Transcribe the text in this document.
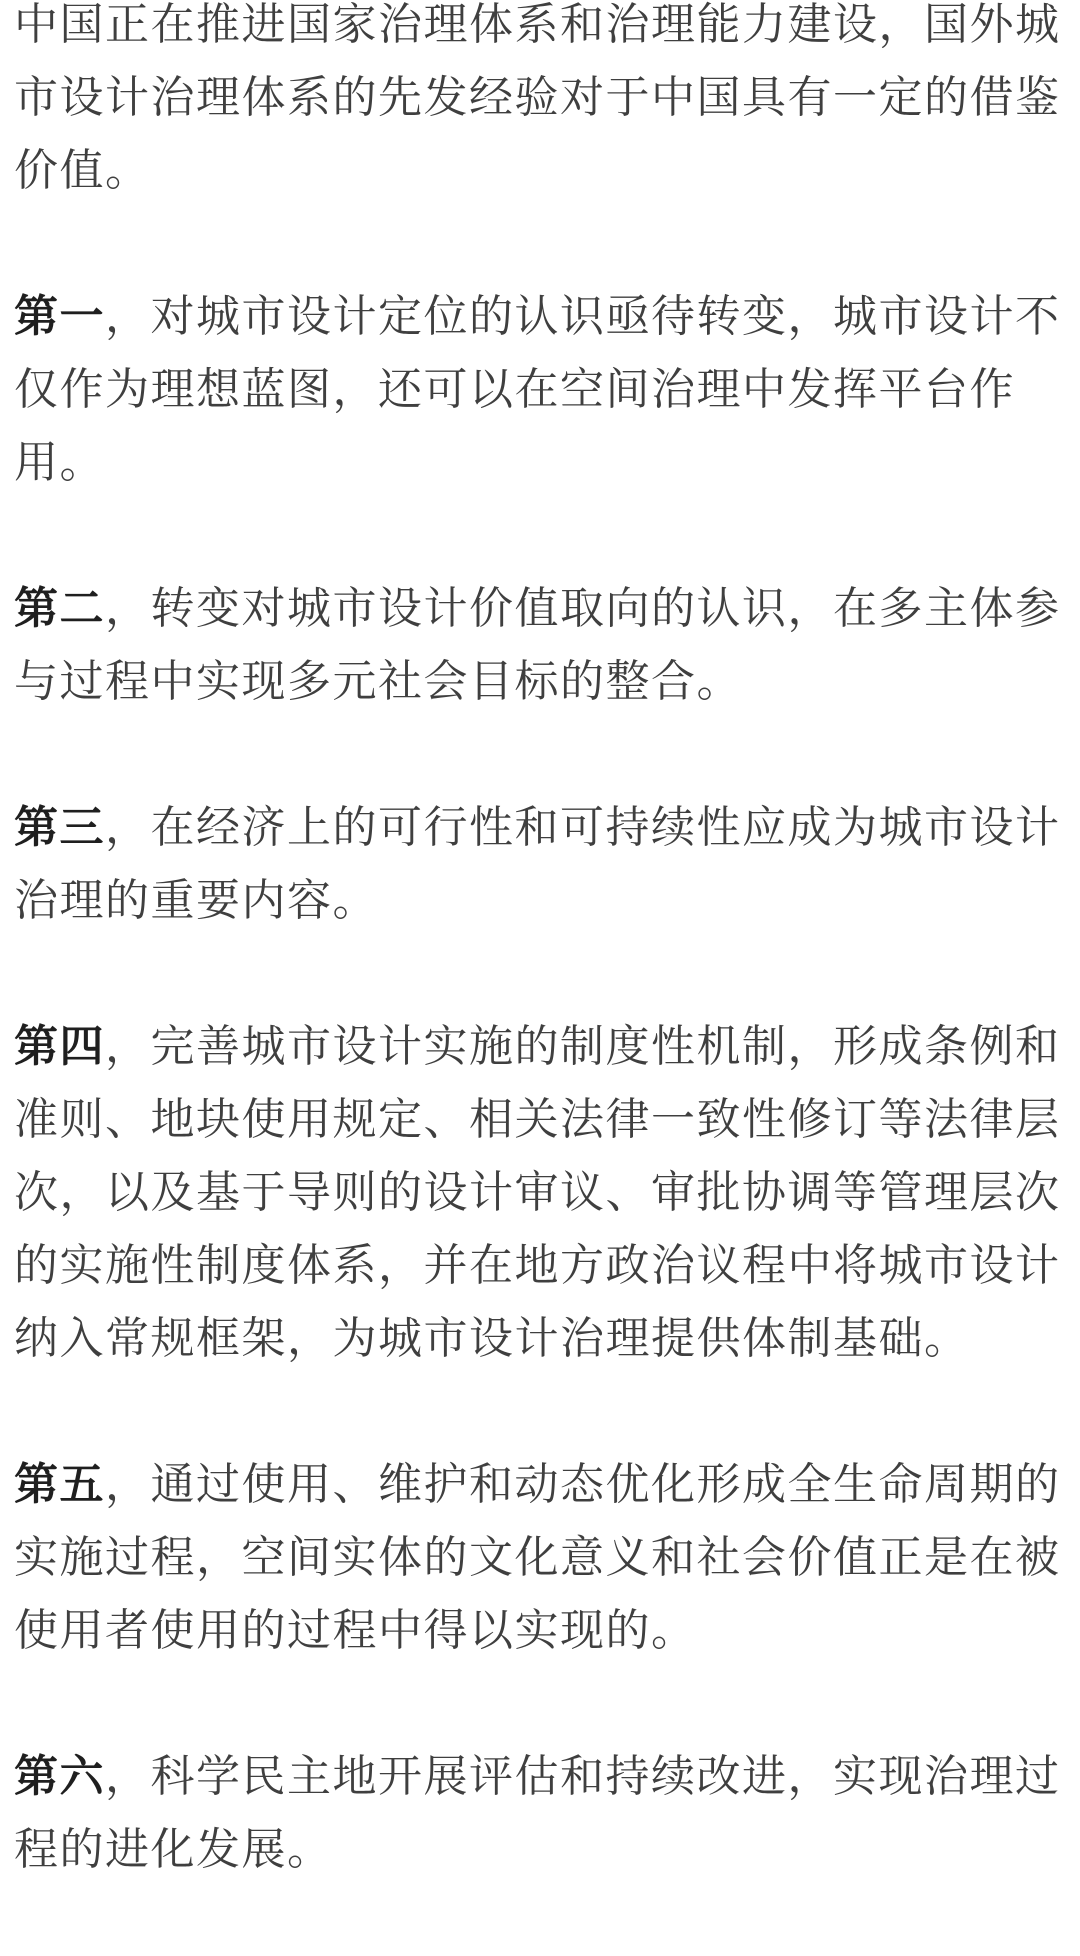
中国正在推进国家治理体系和治理能力建设，国外城市设计治理体系的先发经验对于中国具有一定的借鉴价值。

第一，对城市设计定位的认识亟待转变，城市设计不仅作为理想蓝图，还可以在空间治理中发挥平台作用。

第二，转变对城市设计价值取向的认识，在多主体参与过程中实现多元社会目标的整合。

第三，在经济上的可行性和可持续性应成为城市设计治理的重要内容。

第四，完善城市设计实施的制度性机制，形成条例和准则、地块使用规定、相关法律一致性修订等法律层次，以及基于导则的设计审议、审批协调等管理层次的实施性制度体系，并在地方政治议程中将城市设计纳入常规框架，为城市设计治理提供体制基础。

第五，通过使用、维护和动态优化形成全生命周期的实施过程，空间实体的文化意义和社会价值正是在被使用者使用的过程中得以实现的。

第六，科学民主地开展评估和持续改进，实现治理过程的进化发展。
